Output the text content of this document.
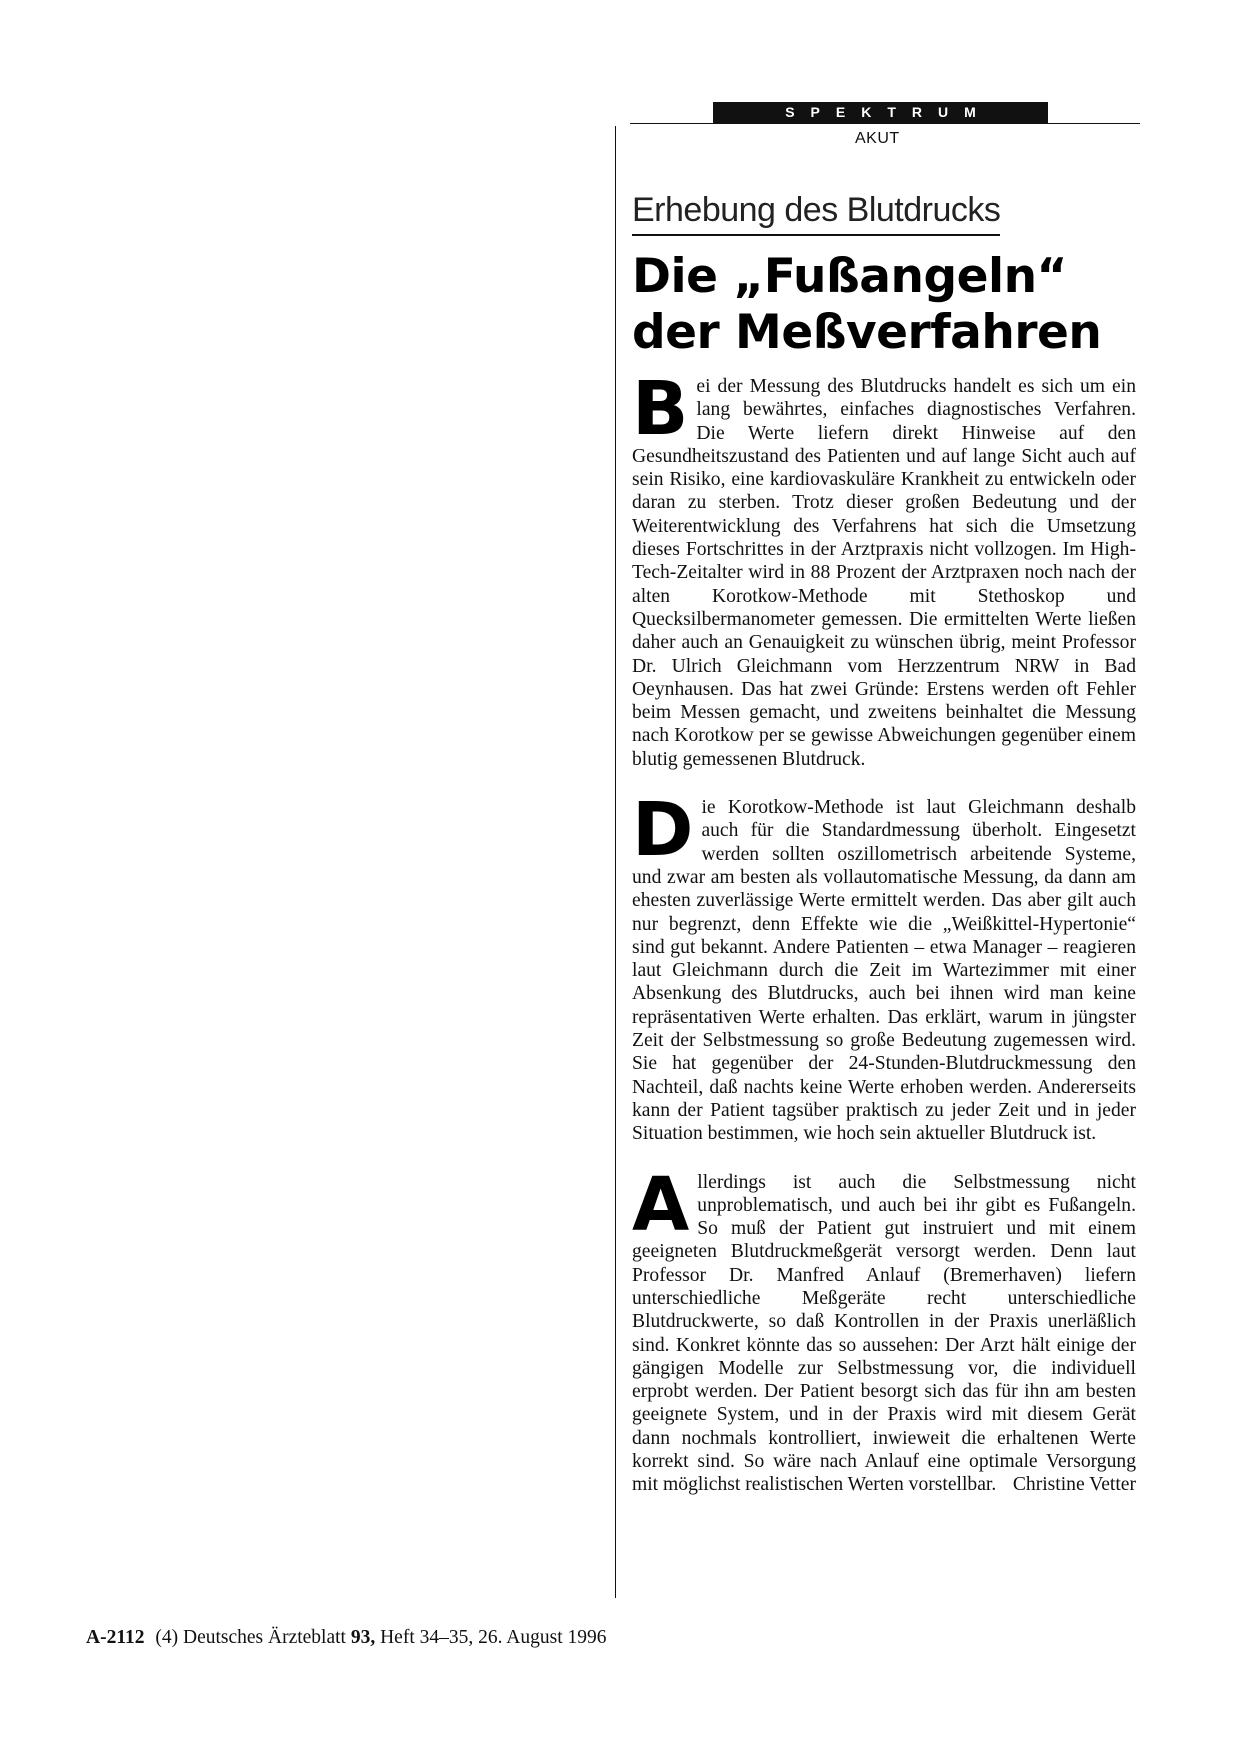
SPEKTRUM
AKUT
Erhebung des Blutdrucks
Die „Fußangeln“ der Meßverfahren

Bei der Messung des Blutdrucks handelt es sich um ein lang bewährtes, einfaches diagnostisches Verfahren. Die Werte liefern direkt Hinweise auf den Gesundheitszustand des Patienten und auf lange Sicht auch auf sein Risiko, eine kardiovaskuläre Krankheit zu entwickeln oder daran zu sterben. Trotz dieser großen Bedeutung und der Weiterentwicklung des Verfahrens hat sich die Umsetzung dieses Fortschrittes in der Arztpraxis nicht vollzogen. Im High-Tech-Zeitalter wird in 88 Prozent der Arztpraxen noch nach der alten Korotkow-Methode mit Stethoskop und Quecksilbermanometer gemessen. Die ermittelten Werte ließen daher auch an Genauigkeit zu wünschen übrig, meint Professor Dr. Ulrich Gleichmann vom Herzzentrum NRW in Bad Oeynhausen. Das hat zwei Gründe: Erstens werden oft Fehler beim Messen gemacht, und zweitens beinhaltet die Messung nach Korotkow per se gewisse Abweichungen gegenüber einem blutig gemessenen Blutdruck.

Die Korotkow-Methode ist laut Gleichmann deshalb auch für die Standardmessung überholt. Eingesetzt werden sollten oszillometrisch arbeitende Systeme, und zwar am besten als vollautomatische Messung, da dann am ehesten zuverlässige Werte ermittelt werden. Das aber gilt auch nur begrenzt, denn Effekte wie die „Weißkittel-Hypertonie“ sind gut bekannt. Andere Patienten – etwa Manager – reagieren laut Gleichmann durch die Zeit im Wartezimmer mit einer Absenkung des Blutdrucks, auch bei ihnen wird man keine repräsentativen Werte erhalten. Das erklärt, warum in jüngster Zeit der Selbstmessung so große Bedeutung zugemessen wird. Sie hat gegenüber der 24-Stunden-Blutdruckmessung den Nachteil, daß nachts keine Werte erhoben werden. Andererseits kann der Patient tagsüber praktisch zu jeder Zeit und in jeder Situation bestimmen, wie hoch sein aktueller Blutdruck ist.

Allerdings ist auch die Selbstmessung nicht unproblematisch, und auch bei ihr gibt es Fußangeln. So muß der Patient gut instruiert und mit einem geeigneten Blutdruckmeßgerät versorgt werden. Denn laut Professor Dr. Manfred Anlauf (Bremerhaven) liefern unterschiedliche Meßgeräte recht unterschiedliche Blutdruckwerte, so daß Kontrollen in der Praxis unerläßlich sind. Konkret könnte das so aussehen: Der Arzt hält einige der gängigen Modelle zur Selbstmessung vor, die individuell erprobt werden. Der Patient besorgt sich das für ihn am besten geeignete System, und in der Praxis wird mit diesem Gerät dann nochmals kontrolliert, inwieweit die erhaltenen Werte korrekt sind. So wäre nach Anlauf eine optimale Versorgung mit möglichst realistischen Werten vorstellbar. Christine Vetter

A-2112 (4) Deutsches Ärzteblatt 93, Heft 34–35, 26. August 1996
